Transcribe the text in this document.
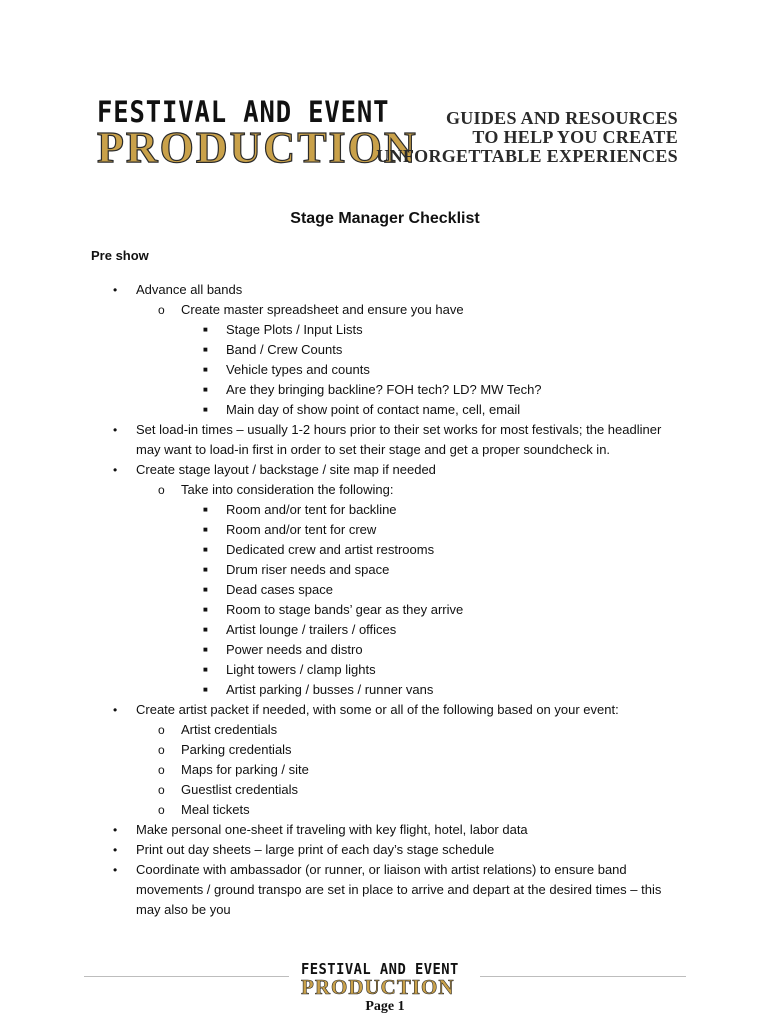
FESTIVAL AND EVENT
PRODUCTION
GUIDES AND RESOURCES
TO HELP YOU CREATE
UNFORGETTABLE EXPERIENCES
Stage Manager Checklist

Pre show

• Advance all bands
o Create master spreadsheet and ensure you have
■ Stage Plots / Input Lists
■ Band / Crew Counts
■ Vehicle types and counts
■ Are they bringing backline? FOH tech? LD? MW Tech?
■ Main day of show point of contact name, cell, email
• Set load-in times – usually 1-2 hours prior to their set works for most festivals; the headliner may want to load-in first in order to set their stage and get a proper soundcheck in.
• Create stage layout / backstage / site map if needed
o Take into consideration the following:
■ Room and/or tent for backline
■ Room and/or tent for crew
■ Dedicated crew and artist restrooms
■ Drum riser needs and space
■ Dead cases space
■ Room to stage bands’ gear as they arrive
■ Artist lounge / trailers / offices
■ Power needs and distro
■ Light towers / clamp lights
■ Artist parking / busses / runner vans
• Create artist packet if needed, with some or all of the following based on your event:
o Artist credentials
o Parking credentials
o Maps for parking / site
o Guestlist credentials
o Meal tickets
• Make personal one-sheet if traveling with key flight, hotel, labor data
• Print out day sheets – large print of each day’s stage schedule
• Coordinate with ambassador (or runner, or liaison with artist relations) to ensure band movements / ground transpo are set in place to arrive and depart at the desired times – this may also be you
FESTIVAL AND EVENT
PRODUCTION
Page 1
